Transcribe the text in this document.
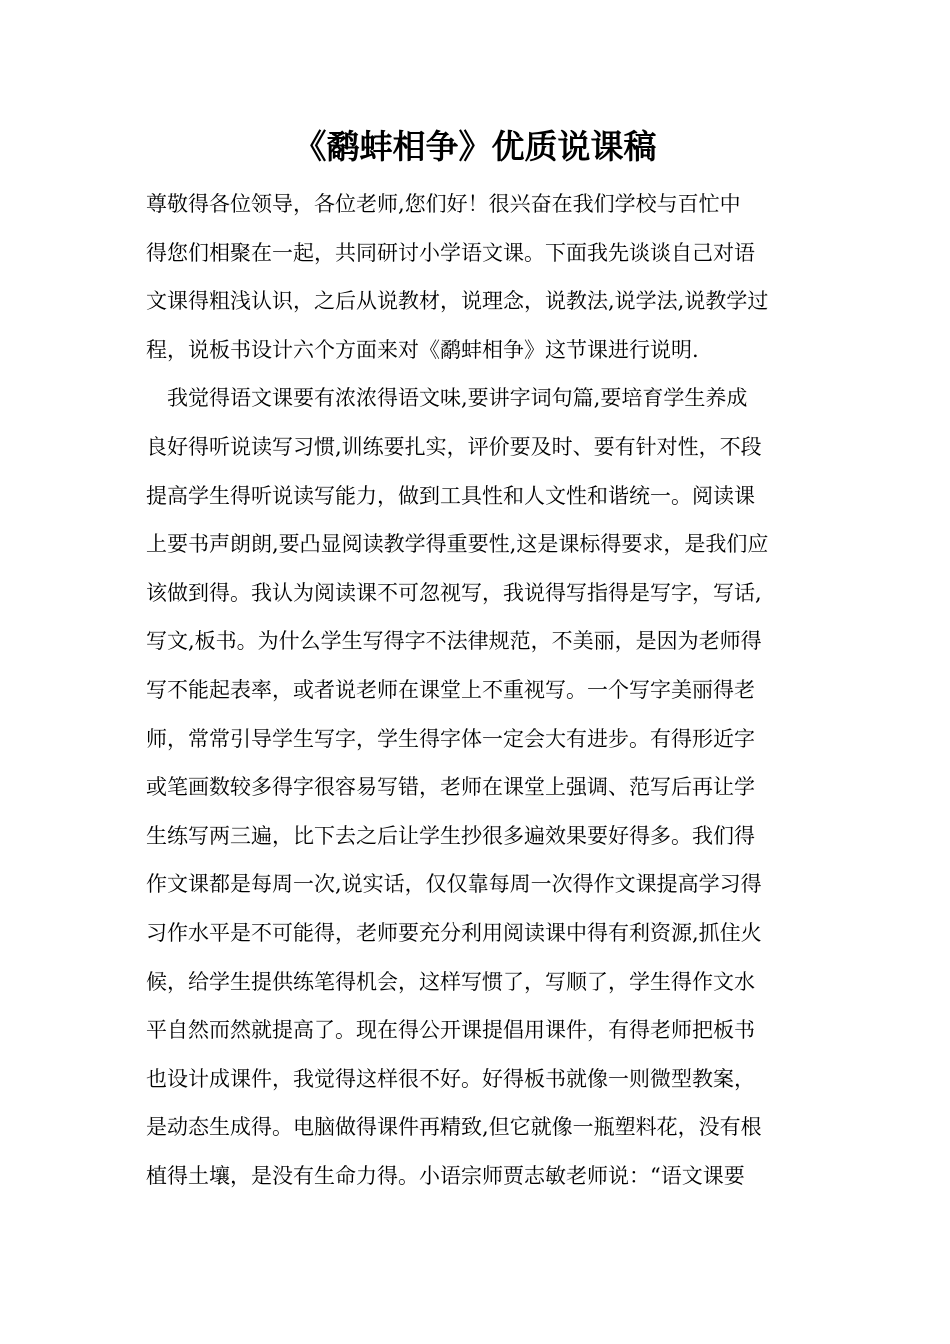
《鹬蚌相争》优质说课稿
尊敬得各位领导，各位老师,您们好！很兴奋在我们学校与百忙中
得您们相聚在一起，共同研讨小学语文课。下面我先谈谈自己对语
文课得粗浅认识，之后从说教材，说理念，说教法,说学法,说教学过
程，说板书设计六个方面来对《鹬蚌相争》这节课进行说明.
　我觉得语文课要有浓浓得语文味,要讲字词句篇,要培育学生养成
良好得听说读写习惯,训练要扎实，评价要及时、要有针对性，不段
提高学生得听说读写能力，做到工具性和人文性和谐统一。阅读课
上要书声朗朗,要凸显阅读教学得重要性,这是课标得要求，是我们应
该做到得。我认为阅读课不可忽视写，我说得写指得是写字，写话,
写文,板书。为什么学生写得字不法律规范，不美丽，是因为老师得
写不能起表率，或者说老师在课堂上不重视写。一个写字美丽得老
师，常常引导学生写字，学生得字体一定会大有进步。有得形近字
或笔画数较多得字很容易写错，老师在课堂上强调、范写后再让学
生练写两三遍，比下去之后让学生抄很多遍效果要好得多。我们得
作文课都是每周一次,说实话，仅仅靠每周一次得作文课提高学习得
习作水平是不可能得，老师要充分利用阅读课中得有利资源,抓住火
候，给学生提供练笔得机会，这样写惯了，写顺了，学生得作文水
平自然而然就提高了。现在得公开课提倡用课件，有得老师把板书
也设计成课件，我觉得这样很不好。好得板书就像一则微型教案，
是动态生成得。电脑做得课件再精致,但它就像一瓶塑料花，没有根
植得土壤，是没有生命力得。小语宗师贾志敏老师说：“语文课要
